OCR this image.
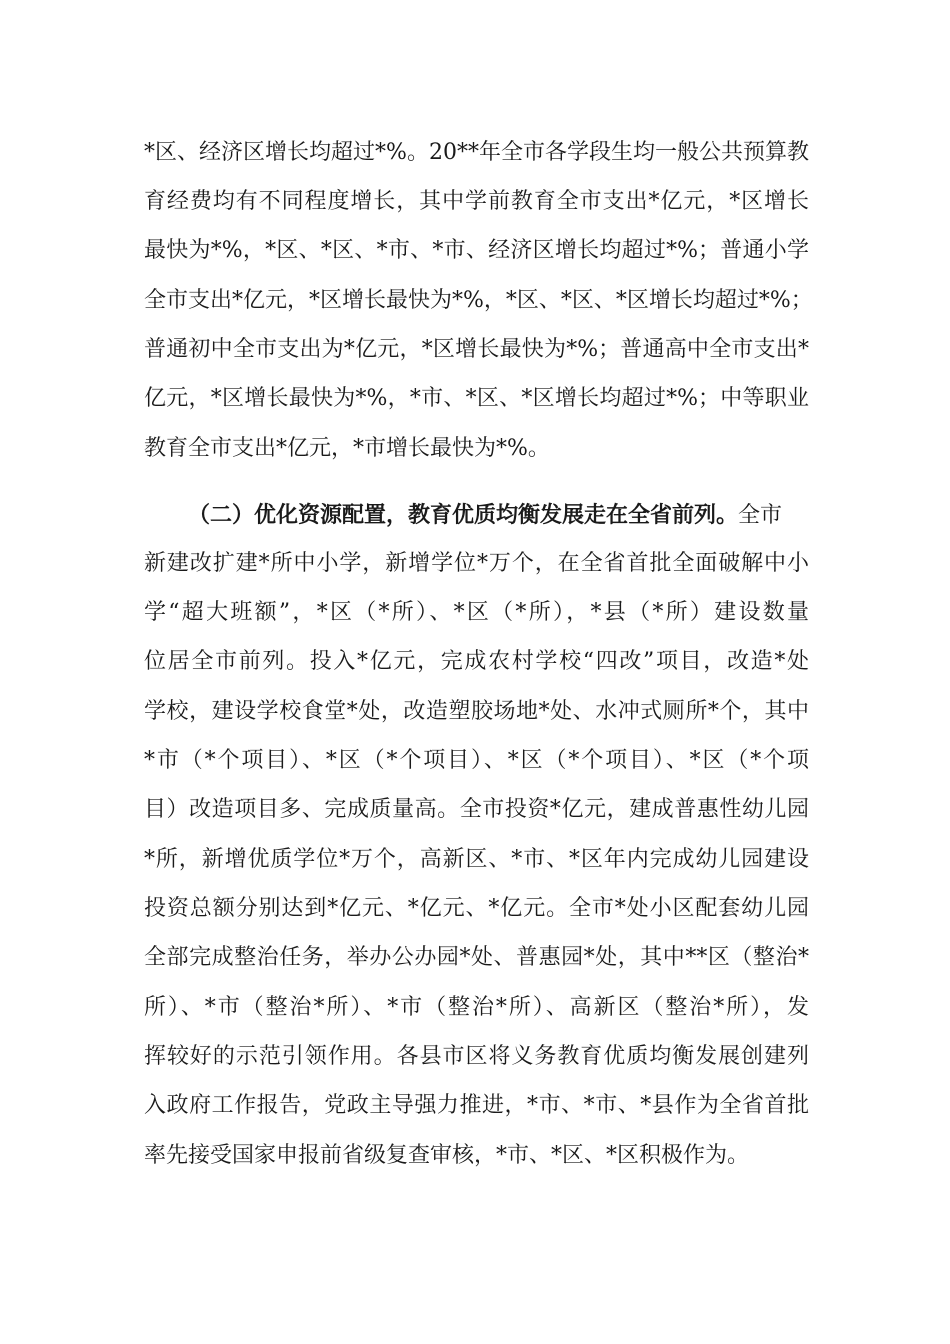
*区、经济区增长均超过*%。20**年全市各学段生均一般公共预算教
育经费均有不同程度增长，其中学前教育全市支出*亿元，*区增长
最快为*%，*区、*区、*市、*市、经济区增长均超过*%；普通小学
全市支出*亿元，*区增长最快为*%，*区、*区、*区增长均超过*%；
普通初中全市支出为*亿元，*区增长最快为*%；普通高中全市支出*
亿元，*区增长最快为*%，*市、*区、*区增长均超过*%；中等职业
教育全市支出*亿元，*市增长最快为*%。
（二）优化资源配置，教育优质均衡发展走在全省前列。全市
新建改扩建*所中小学，新增学位*万个，在全省首批全面破解中小
学“超大班额”，*区（*所）、*区（*所），*县（*所）建设数量
位居全市前列。投入*亿元，完成农村学校“四改”项目，改造*处
学校，建设学校食堂*处，改造塑胶场地*处、水冲式厕所*个，其中
*市（*个项目）、*区（*个项目）、*区（*个项目）、*区（*个项
目）改造项目多、完成质量高。全市投资*亿元，建成普惠性幼儿园
*所，新增优质学位*万个，高新区、*市、*区年内完成幼儿园建设
投资总额分别达到*亿元、*亿元、*亿元。全市*处小区配套幼儿园
全部完成整治任务，举办公办园*处、普惠园*处，其中**区（整治*
所）、*市（整治*所）、*市（整治*所）、高新区（整治*所），发
挥较好的示范引领作用。各县市区将义务教育优质均衡发展创建列
入政府工作报告，党政主导强力推进，*市、*市、*县作为全省首批
率先接受国家申报前省级复查审核，*市、*区、*区积极作为。
